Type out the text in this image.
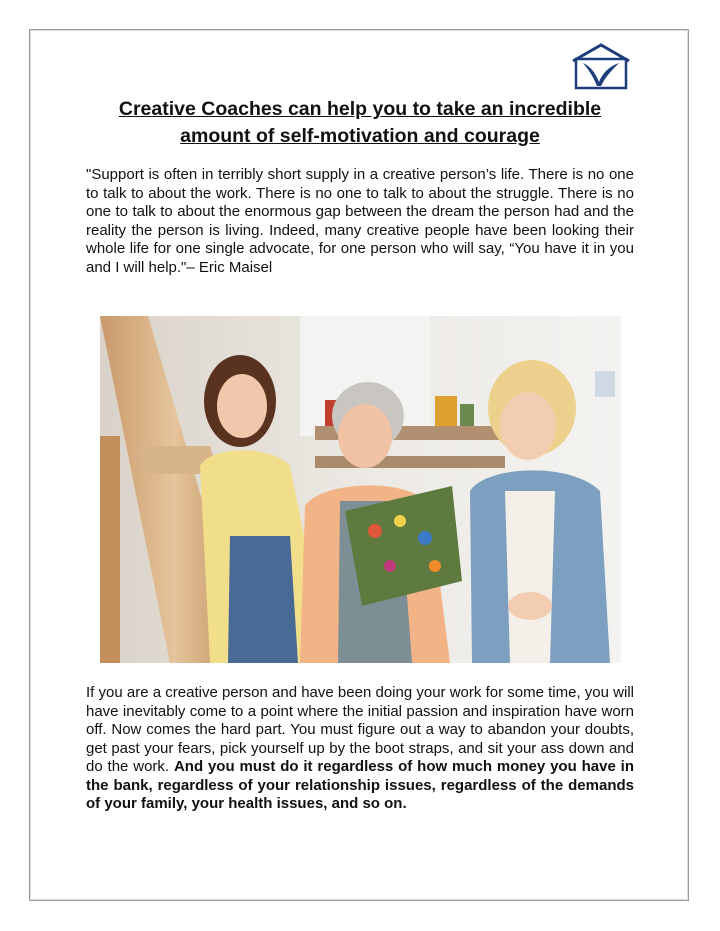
Creative Coaches can help you to take an incredible
amount of self-motivation and courage
"Support is often in terribly short supply in a creative person’s life. There is no one to talk to about the work. There is no one to talk to about the struggle. There is no one to talk to about the enormous gap between the dream the person had and the reality the person is living. Indeed, many creative people have been looking their whole life for one single advocate, for one person who will say, “You have it in you and I will help."– Eric Maisel
If you are a creative person and have been doing your work for some time, you will have inevitably come to a point where the initial passion and inspiration have worn off. Now comes the hard part. You must figure out a way to abandon your doubts, get past your fears, pick yourself up by the boot straps, and sit your ass down and do the work. And you must do it regardless of how much money you have in the bank, regardless of your relationship issues, regardless of the demands of your family, your health issues, and so on.
